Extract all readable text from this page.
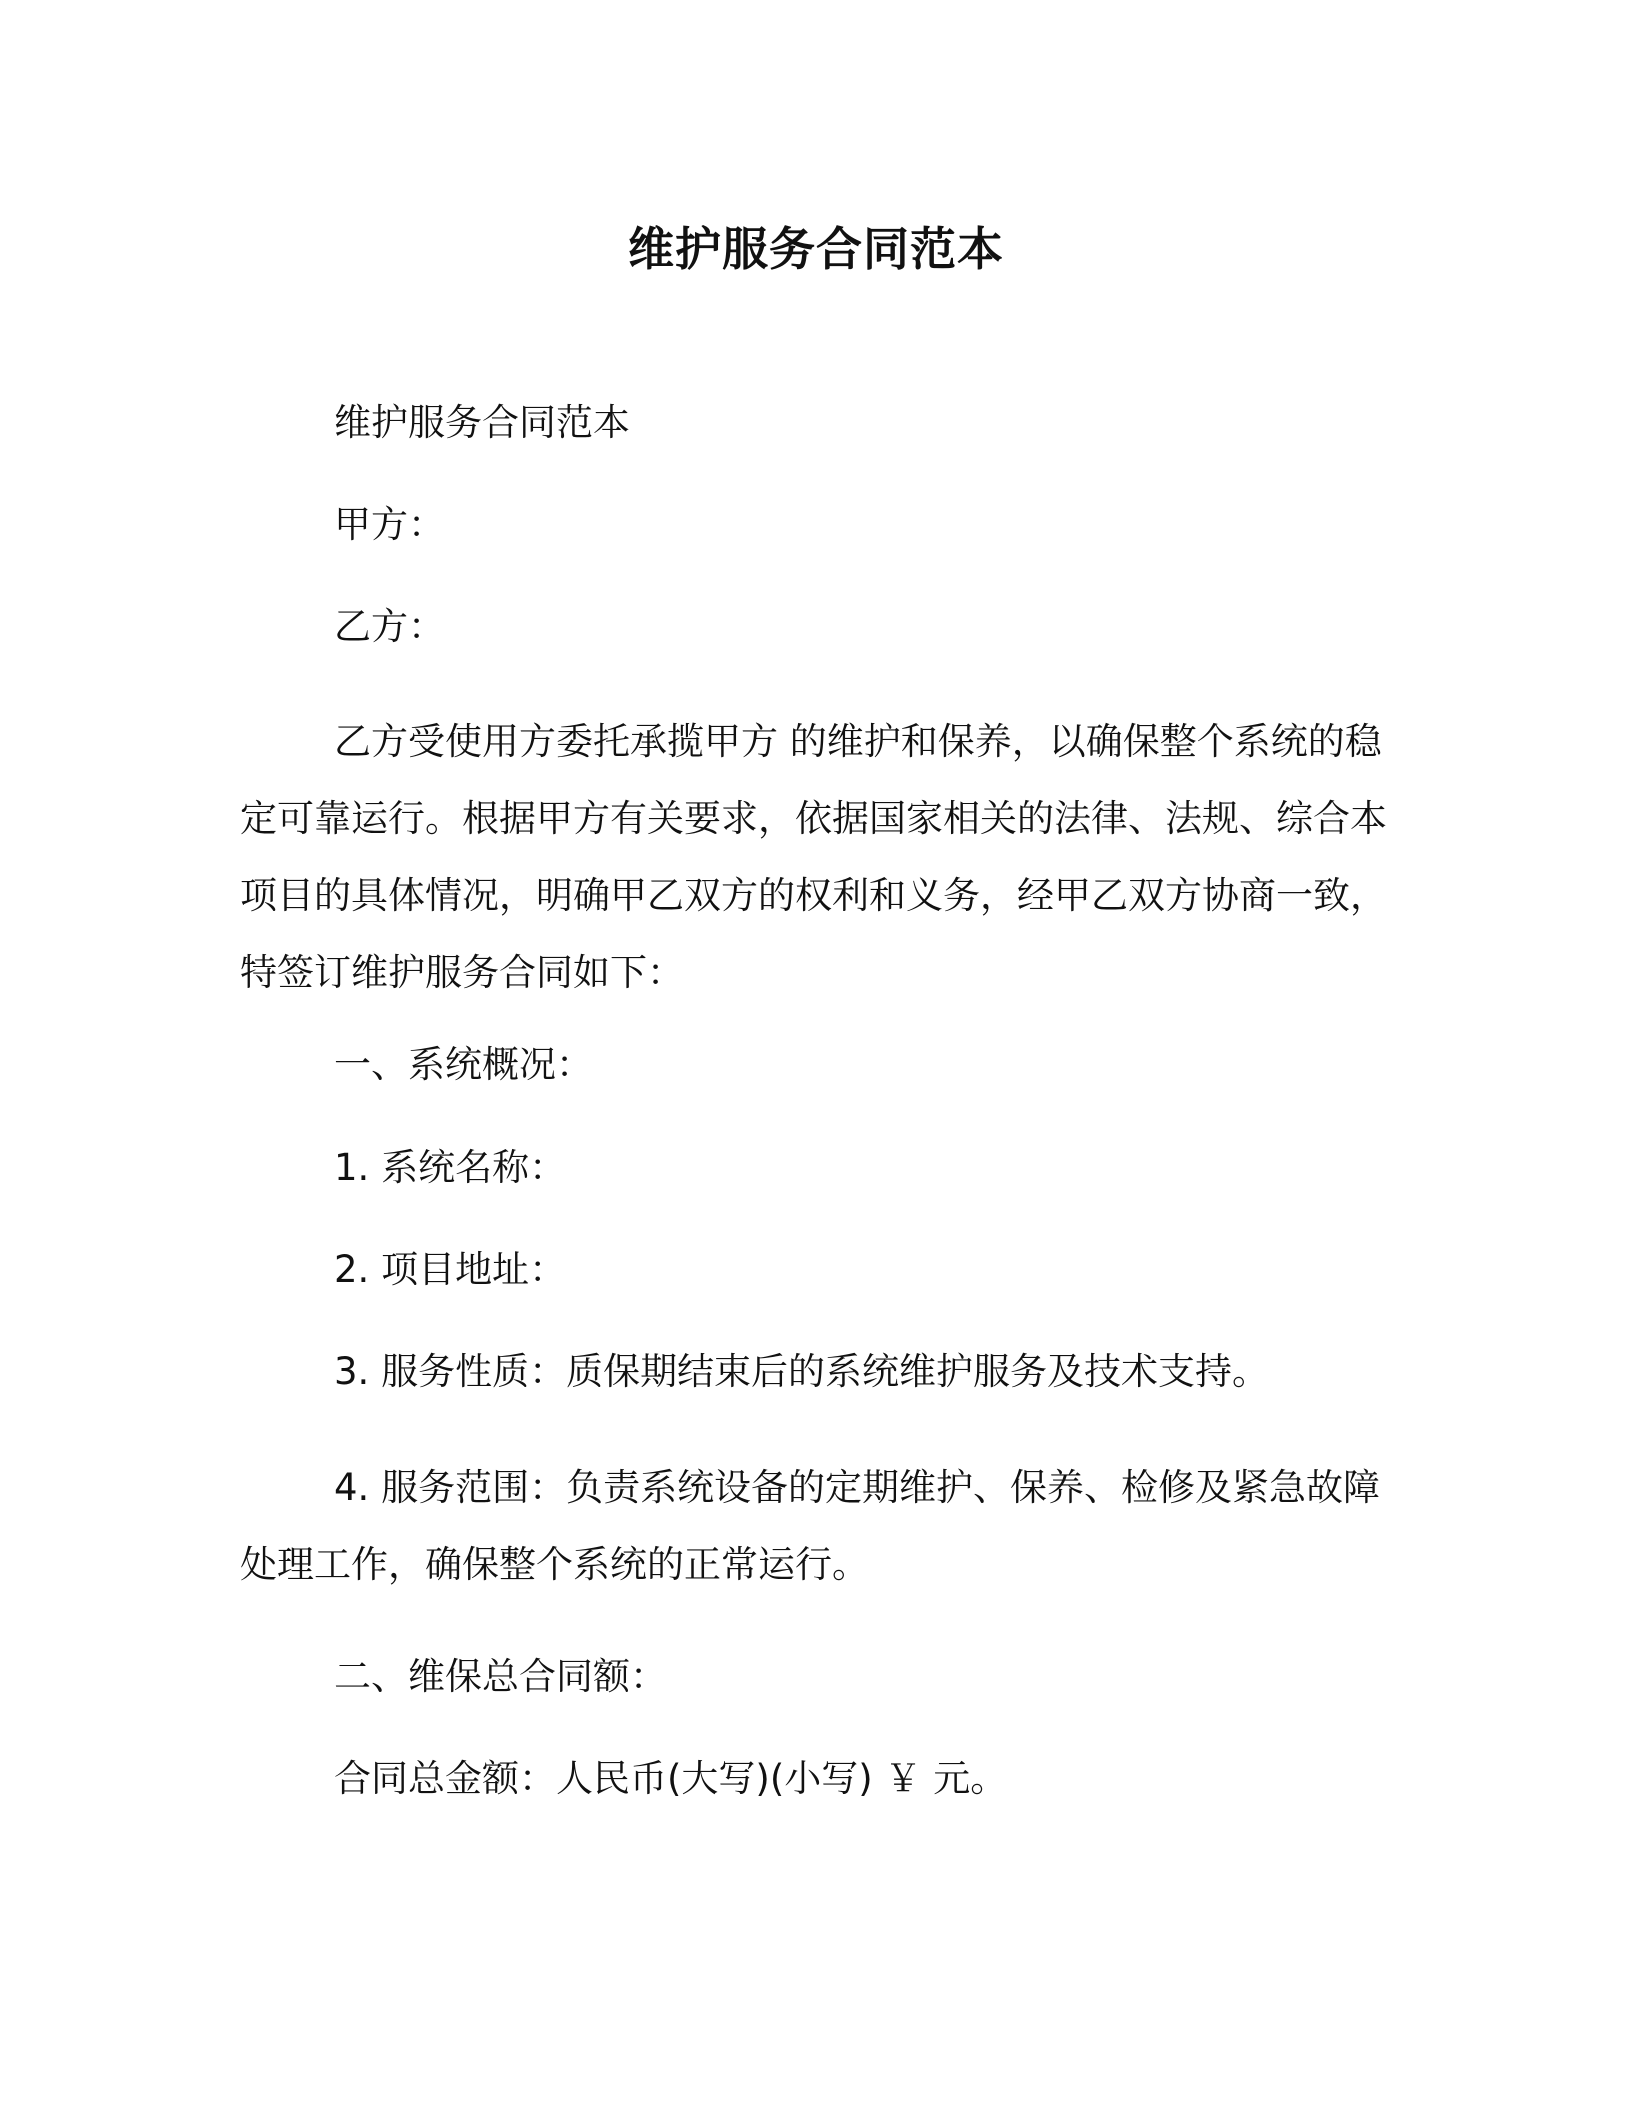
维护服务合同范本
维护服务合同范本
甲方：
乙方：
乙方受使用方委托承揽甲方 的维护和保养，以确保整个系统的稳定可靠运行。根据甲方有关要求，依据国家相关的法律、法规、综合本项目的具体情况，明确甲乙双方的权利和义务，经甲乙双方协商一致，特签订维护服务合同如下：
一、系统概况：
1. 系统名称：
2. 项目地址：
3. 服务性质：质保期结束后的系统维护服务及技术支持。
4. 服务范围：负责系统设备的定期维护、保养、检修及紧急故障处理工作，确保整个系统的正常运行。
二、维保总合同额：
合同总金额：人民币(大写)(小写) ￥ 元。
